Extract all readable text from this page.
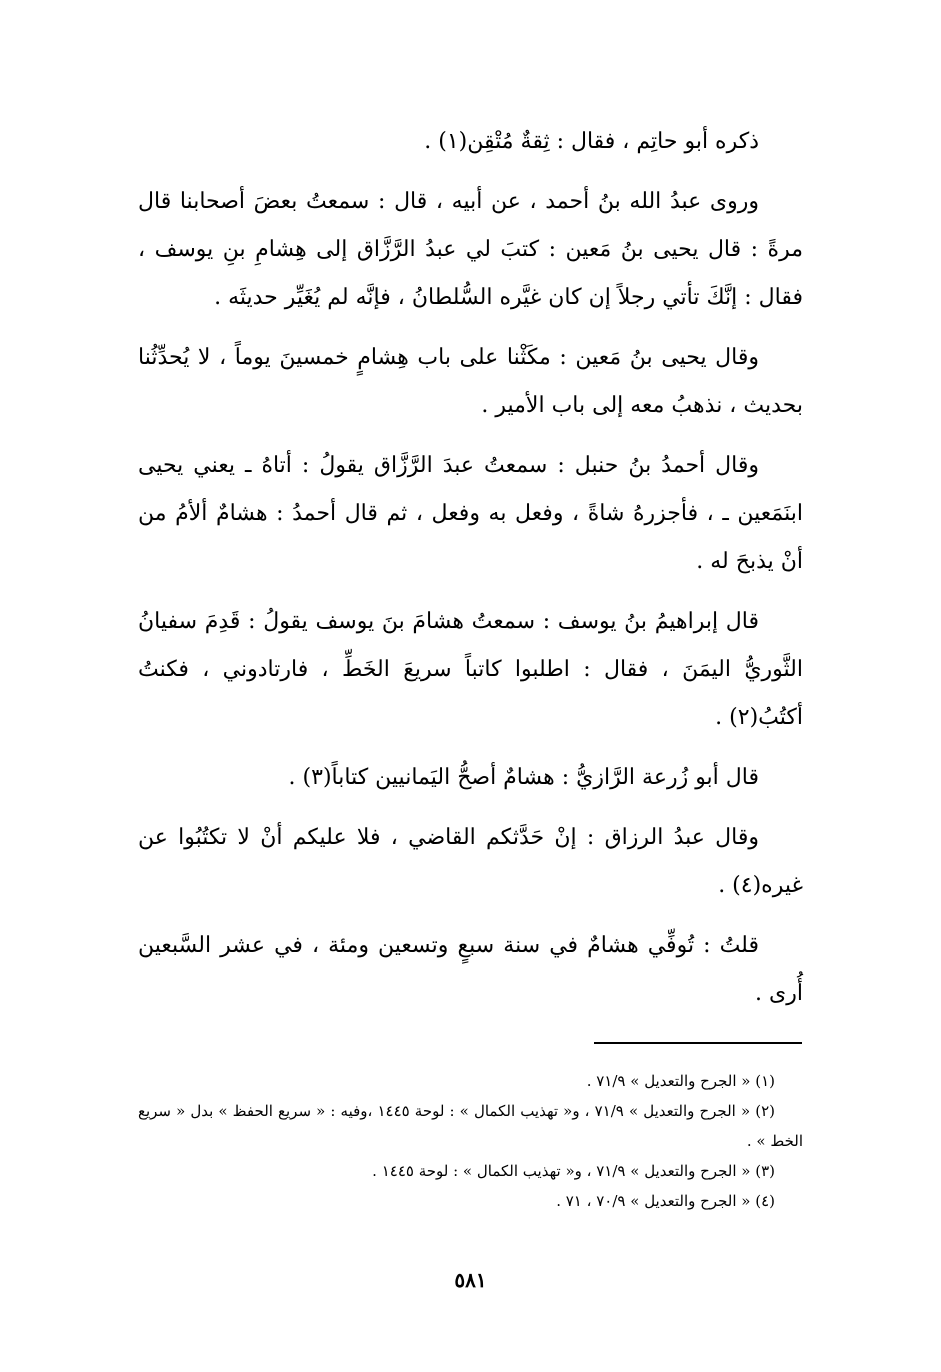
ذكره أبو حاتِم ، فقال : ثِقةٌ مُتْقِن(١) .

وروى عبدُ الله بنُ أحمد ، عن أبيه ، قال : سمعتُ بعضَ أصحابنا قال مرةً : قال يحيى بنُ مَعين : كتبَ لي عبدُ الرَّزَّاق إلى هِشامِ بنِ يوسف ، فقال : إنَّكَ تأتي رجلاً إن كان غيَّره السُّلطانُ ، فإنَّه لم يُغَيِّر حديثَه .

وقال يحيى بنُ مَعين : مكَثْنا على باب هِشامٍ خمسينَ يوماً ، لا يُحدِّثُنا بحديث ، نذهبُ معه إلى باب الأمير .

وقال أحمدُ بنُ حنبل : سمعتُ عبدَ الرَّزَّاق يقولُ : أتاهُ ـ يعني يحيى ابنَمَعين ـ ، فأجزرهُ شاةً ، وفعل به وفعل ، ثم قال أحمدُ : هشامٌ ألأمُ من أنْ يذبحَ له .

قال إبراهيمُ بنُ يوسف : سمعتُ هشامَ بنَ يوسف يقولُ : قَدِمَ سفيانُ الثَّوريُّ اليمَنَ ، فقال : اطلبوا كاتباً سريعَ الخَطِّ ، فارتادوني ، فكنتُ أكتُبُ(٢) .

قال أبو زُرعة الرَّازيُّ : هشامٌ أصحُّ اليَمانيين كتاباً(٣) .

وقال عبدُ الرزاق : إنْ حَدَّثكم القاضي ، فلا عليكم أنْ لا تكتُبُوا عن غيره(٤) .

قلتُ : تُوفِّي هشامٌ في سنة سبعٍ وتسعين ومئة ، في عشر السَّبعين أُرى .

(١) « الجرح والتعديل » ٧١/٩ .

(٢) « الجرح والتعديل » ٧١/٩ ، و« تهذيب الكمال » : لوحة ١٤٤٥ ،وفيه : « سريع الحفظ » بدل « سريع الخط » .

(٣) « الجرح والتعديل » ٧١/٩ ، و« تهذيب الكمال » : لوحة ١٤٤٥ .

(٤) « الجرح والتعديل » ٧٠/٩ ، ٧١ .

٥٨١
